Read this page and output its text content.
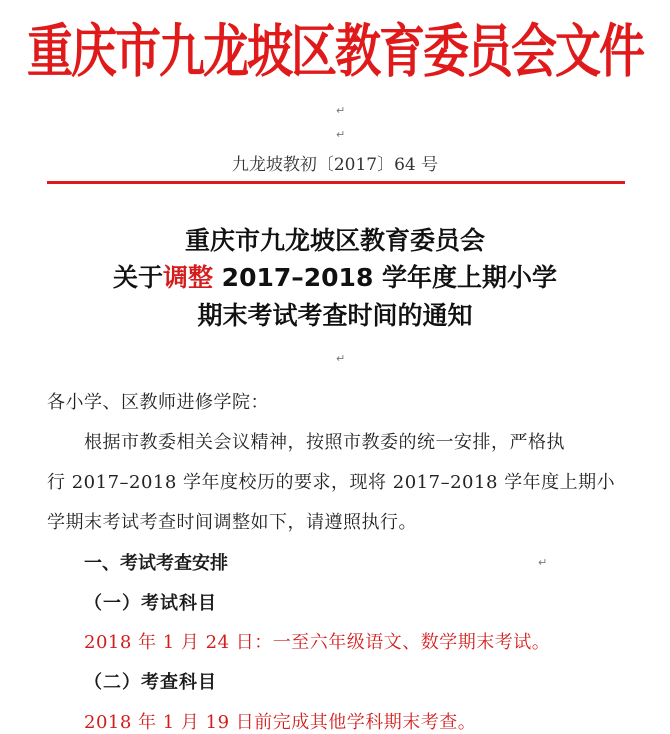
重庆市九龙坡区教育委员会文件
↵
↵
九龙坡教初〔2017〕64 号
重庆市九龙坡区教育委员会
关于调整 2017–2018 学年度上期小学
期末考试考查时间的通知
↵
各小学、区教师进修学院：
根据市教委相关会议精神，按照市教委的统一安排，严格执
行 2017–2018 学年度校历的要求，现将 2017–2018 学年度上期小
学期末考试考查时间调整如下，请遵照执行。
一、考试考查安排	↵
（一）考试科目
2018 年 1 月 24 日：一至六年级语文、数学期末考试。
（二）考查科目
2018 年 1 月 19 日前完成其他学科期末考查。
